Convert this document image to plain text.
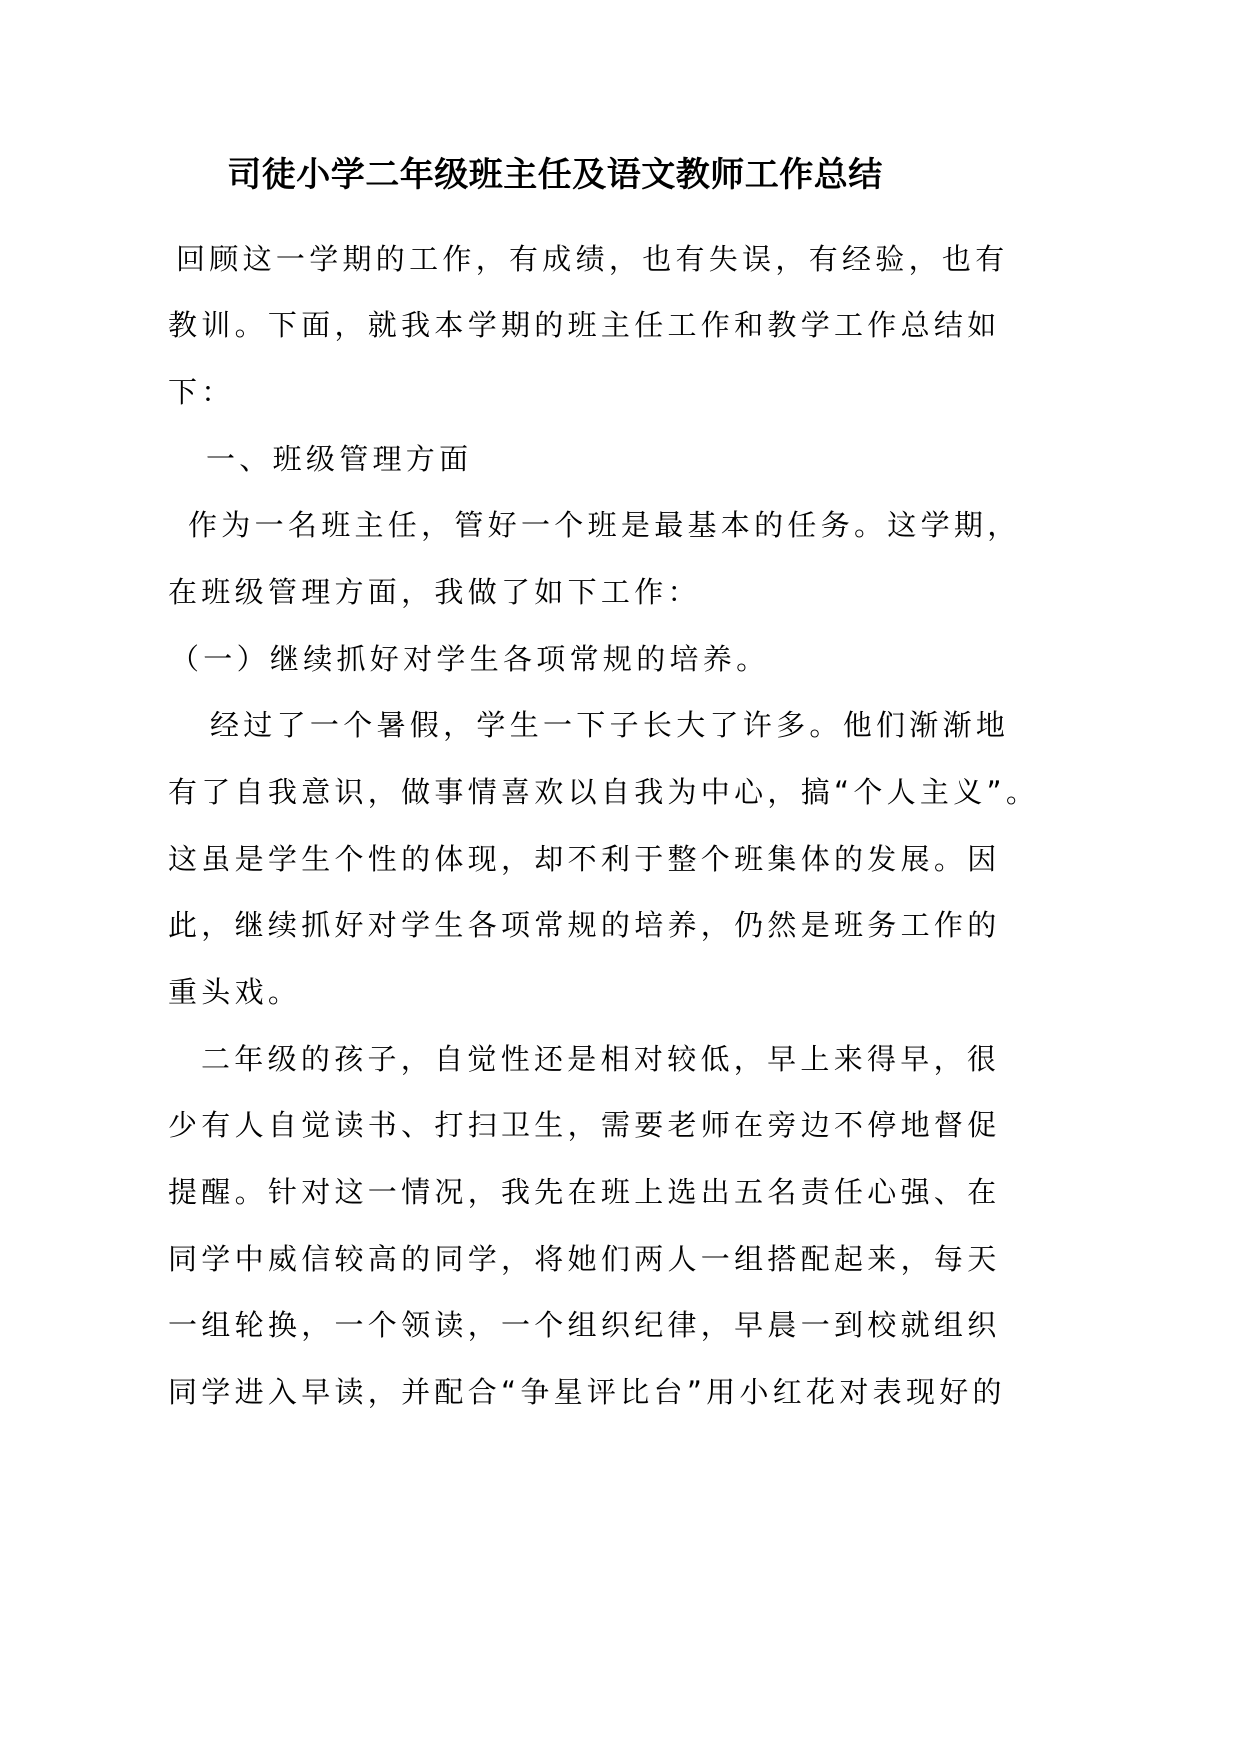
司徒小学二年级班主任及语文教师工作总结
回顾这一学期的工作，有成绩，也有失误，有经验，也有
教训。下面，就我本学期的班主任工作和教学工作总结如
下：
一、班级管理方面
作为一名班主任，管好一个班是最基本的任务。这学期，
在班级管理方面，我做了如下工作：
（一）继续抓好对学生各项常规的培养。
经过了一个暑假，学生一下子长大了许多。他们渐渐地
有了自我意识，做事情喜欢以自我为中心，搞“个人主义”。
这虽是学生个性的体现，却不利于整个班集体的发展。因
此，继续抓好对学生各项常规的培养，仍然是班务工作的
重头戏。
二年级的孩子，自觉性还是相对较低，早上来得早，很
少有人自觉读书、打扫卫生，需要老师在旁边不停地督促
提醒。针对这一情况，我先在班上选出五名责任心强、在
同学中威信较高的同学，将她们两人一组搭配起来，每天
一组轮换，一个领读，一个组织纪律，早晨一到校就组织
同学进入早读，并配合“争星评比台”用小红花对表现好的
